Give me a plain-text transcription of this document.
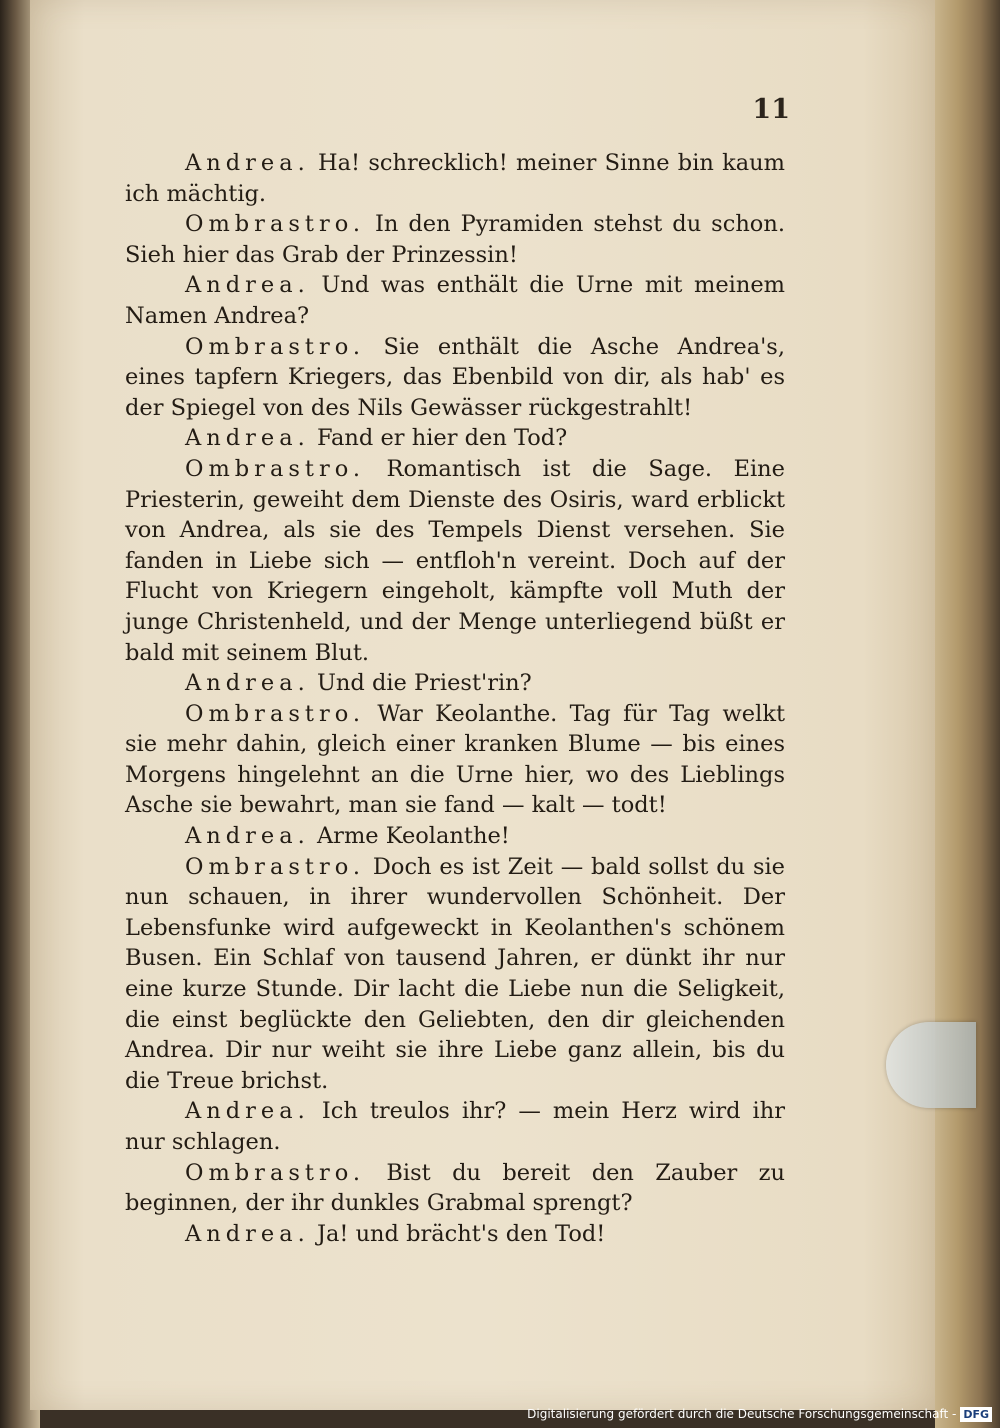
11

Andrea. Ha! schrecklich! meiner Sinne bin kaum ich mächtig.

Ombrastro. In den Pyramiden stehst du schon. Sieh hier das Grab der Prinzessin!

Andrea. Und was enthält die Urne mit meinem Namen Andrea?

Ombrastro. Sie enthält die Asche Andrea's, eines tapfern Kriegers, das Ebenbild von dir, als hab' es der Spiegel von des Nils Gewässer rückgestrahlt!

Andrea. Fand er hier den Tod?

Ombrastro. Romantisch ist die Sage. Eine Priesterin, geweiht dem Dienste des Osiris, ward erblickt von Andrea, als sie des Tempels Dienst versehen. Sie fanden in Liebe sich — entfloh'n vereint. Doch auf der Flucht von Kriegern eingeholt, kämpfte voll Muth der junge Christenheld, und der Menge unterliegend büßt er bald mit seinem Blut.

Andrea. Und die Priest'rin?

Ombrastro. War Keolanthe. Tag für Tag welkt sie mehr dahin, gleich einer kranken Blume — bis eines Morgens hingelehnt an die Urne hier, wo des Lieblings Asche sie bewahrt, man sie fand — kalt — todt!

Andrea. Arme Keolanthe!

Ombrastro. Doch es ist Zeit — bald sollst du sie nun schauen, in ihrer wundervollen Schönheit. Der Lebensfunke wird aufgeweckt in Keolanthen's schönem Busen. Ein Schlaf von tausend Jahren, er dünkt ihr nur eine kurze Stunde. Dir lacht die Liebe nun die Seligkeit, die einst beglückte den Geliebten, den dir gleichenden Andrea. Dir nur weiht sie ihre Liebe ganz allein, bis du die Treue brichst.

Andrea. Ich treulos ihr? — mein Herz wird ihr nur schlagen.

Ombrastro. Bist du bereit den Zauber zu beginnen, der ihr dunkles Grabmal sprengt?

Andrea. Ja! und brächt's den Tod!

Digitalisierung gefördert durch die Deutsche Forschungsgemeinschaft - DFG
